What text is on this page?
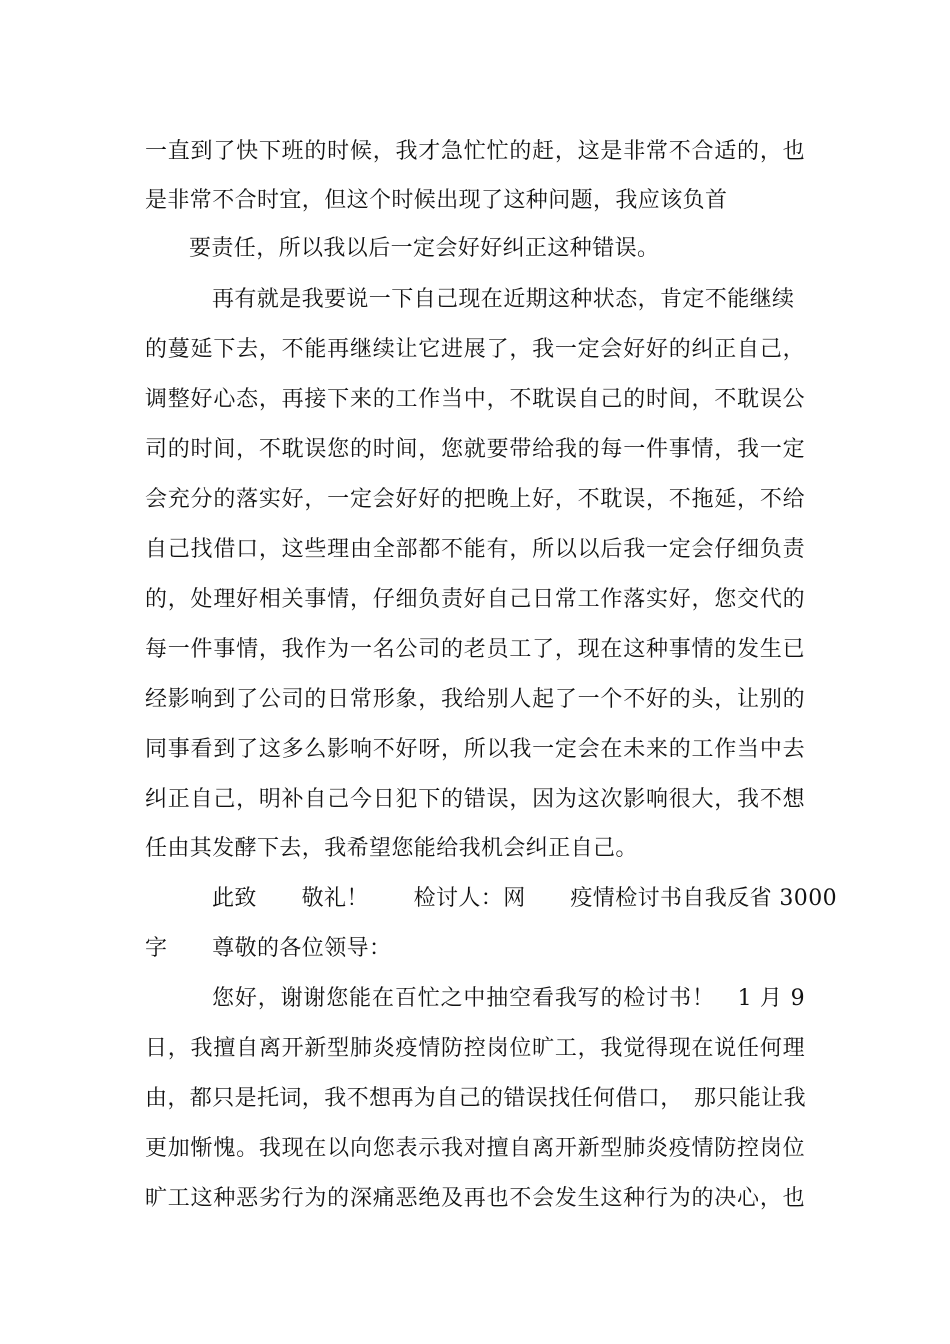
一直到了快下班的时候，我才急忙忙的赶，这是非常不合适的，也
是非常不合时宜，但这个时候出现了这种问题，我应该负首
要责任，所以我以后一定会好好纠正这种错误。
再有就是我要说一下自己现在近期这种状态，肯定不能继续
的蔓延下去，不能再继续让它进展了，我一定会好好的纠正自己，
调整好心态，再接下来的工作当中，不耽误自己的时间，不耽误公
司的时间，不耽误您的时间，您就要带给我的每一件事情，我一定
会充分的落实好，一定会好好的把晚上好，不耽误，不拖延，不给
自己找借口，这些理由全部都不能有，所以以后我一定会仔细负责
的，处理好相关事情，仔细负责好自己日常工作落实好，您交代的
每一件事情，我作为一名公司的老员工了，现在这种事情的发生已
经影响到了公司的日常形象，我给别人起了一个不好的头，让别的
同事看到了这多么影响不好呀，所以我一定会在未来的工作当中去
纠正自己，明补自己今日犯下的错误，因为这次影响很大，我不想
任由其发酵下去，我希望您能给我机会纠正自己。
此致　　敬礼！　　检讨人：网　　疫情检讨书自我反省 3000
字　　尊敬的各位领导：
您好，谢谢您能在百忙之中抽空看我写的检讨书！　1 月 9
日，我擅自离开新型肺炎疫情防控岗位旷工，我觉得现在说任何理
由，都只是托词，我不想再为自己的错误找任何借口，　那只能让我
更加惭愧。我现在以向您表示我对擅自离开新型肺炎疫情防控岗位
旷工这种恶劣行为的深痛恶绝及再也不会发生这种行为的决心，也
